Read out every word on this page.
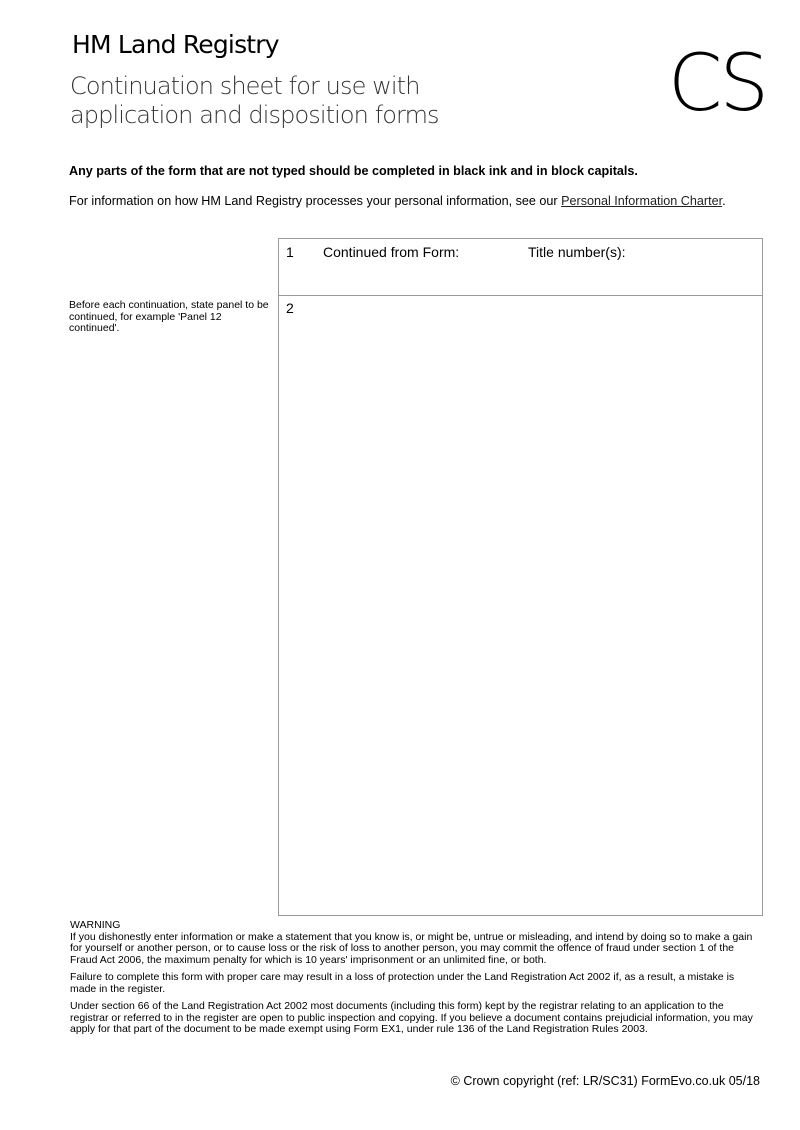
HM Land Registry
Continuation sheet for use with
application and disposition forms	CS
Any parts of the form that are not typed should be completed in black ink and in block capitals.
For information on how HM Land Registry processes your personal information, see our Personal Information Charter.
1 Continued from Form:	Title number(s):
Before each continuation, state panel to be continued, for example 'Panel 12 continued'.
2

WARNING

If you dishonestly enter information or make a statement that you know is, or might be, untrue or misleading, and intend by doing so to make a gain for yourself or another person, or to cause loss or the risk of loss to another person, you may commit the offence of fraud under section 1 of the Fraud Act 2006, the maximum penalty for which is 10 years' imprisonment or an unlimited fine, or both.

Failure to complete this form with proper care may result in a loss of protection under the Land Registration Act 2002 if, as a result, a mistake is made in the register.

Under section 66 of the Land Registration Act 2002 most documents (including this form) kept by the registrar relating to an application to the registrar or referred to in the register are open to public inspection and copying. If you believe a document contains prejudicial information, you may apply for that part of the document to be made exempt using Form EX1, under rule 136 of the Land Registration Rules 2003.

© Crown copyright (ref: LR/SC31) FormEvo.co.uk 05/18
